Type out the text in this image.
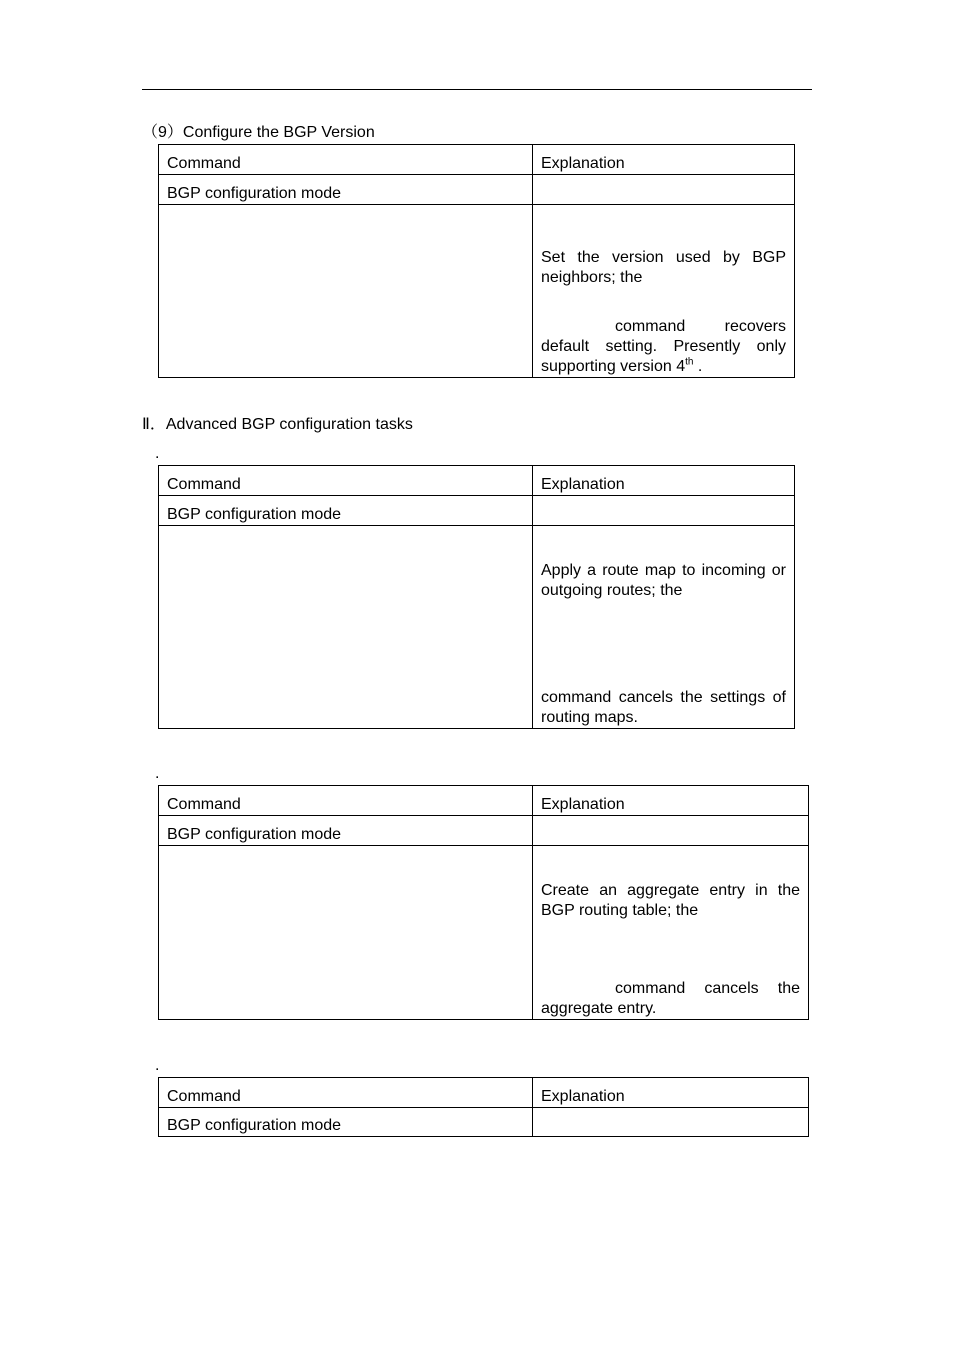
（9）Configure the BGP Version
Command	Explanation
BGP configuration mode	

	Set the version used by BGP neighbors; the

command recovers default setting. Presently only supporting version 4th .

Ⅱ．Advanced BGP configuration tasks
.
Command	Explanation
BGP configuration mode	

	Apply a route map to incoming or outgoing routes; the

command cancels the settings of routing maps.

.
Command	Explanation
BGP configuration mode	

	Create an aggregate entry in the BGP routing table; the

command cancels the aggregate entry.

.
Command	Explanation
BGP configuration mode	
